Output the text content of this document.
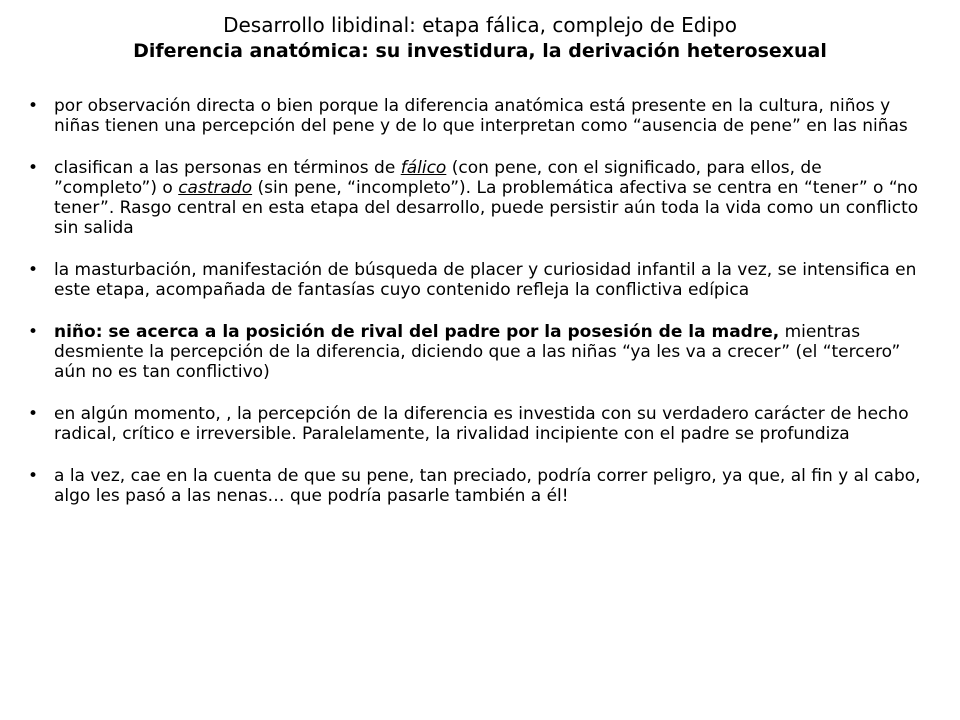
Desarrollo libidinal: etapa fálica, complejo de Edipo
Diferencia anatómica: su investidura, la derivación heterosexual
• por observación directa o bien porque la diferencia anatómica está presente en la cultura, niños y niñas tienen una percepción del pene y de lo que interpretan como “ausencia de pene” en las niñas
• clasifican a las personas en términos de fálico (con pene, con el significado, para ellos, de ”completo”) o castrado (sin pene, “incompleto”). La problemática afectiva se centra en “tener” o “no tener”. Rasgo central en esta etapa del desarrollo, puede persistir aún toda la vida como un conflicto sin salida
• la masturbación, manifestación de búsqueda de placer y curiosidad infantil a la vez, se intensifica en este etapa, acompañada de fantasías cuyo contenido refleja la conflictiva edípica
• niño: se acerca a la posición de rival del padre por la posesión de la madre, mientras desmiente la percepción de la diferencia, diciendo que a las niñas “ya les va a crecer” (el “tercero” aún no es tan conflictivo)
• en algún momento, , la percepción de la diferencia es investida con su verdadero carácter de hecho radical, crítico e irreversible. Paralelamente, la rivalidad incipiente con el padre se profundiza
• a la vez, cae en la cuenta de que su pene, tan preciado, podría correr peligro, ya que, al fin y al cabo, algo les pasó a las nenas… que podría pasarle también a él!
